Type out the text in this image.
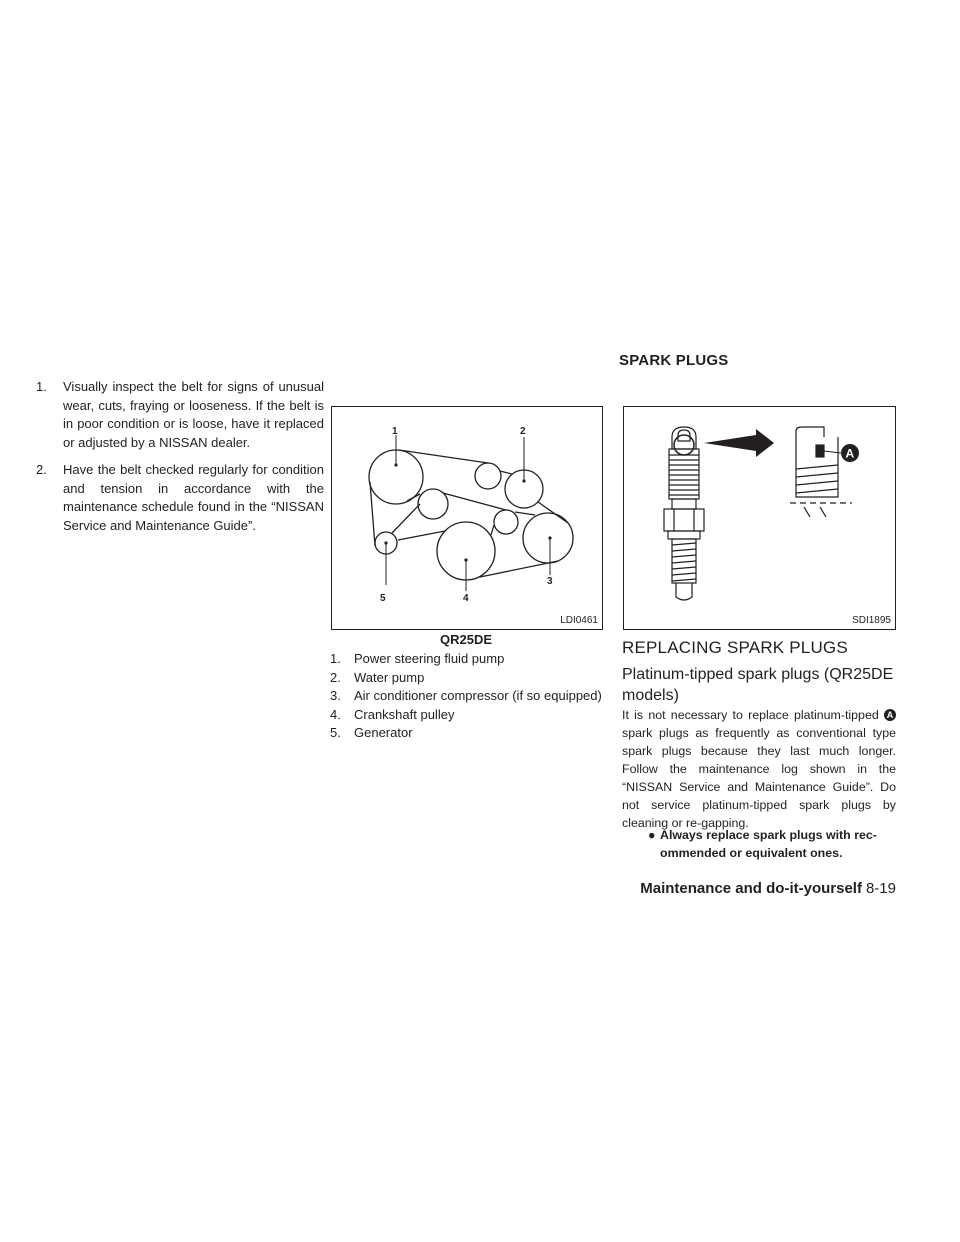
1. Visually inspect the belt for signs of unusual wear, cuts, fraying or looseness. If the belt is in poor condition or is loose, have it replaced or adjusted by a NISSAN dealer.
2. Have the belt checked regularly for condition and tension in accordance with the maintenance schedule found in the “NISSAN Service and Maintenance Guide”.
1	2
3
4
5
LDI0461
QR25DE
1. Power steering fluid pump
2. Water pump
3. Air conditioner compressor (if so equipped)
4. Crankshaft pulley
5. Generator
SPARK PLUGS
A
SDI1895
REPLACING SPARK PLUGS
Platinum-tipped spark plugs (QR25DE models)

It is not necessary to replace platinum-tipped A spark plugs as frequently as conventional type spark plugs because they last much longer. Follow the maintenance log shown in the “NISSAN Service and Maintenance Guide”. Do not service platinum-tipped spark plugs by cleaning or re-gapping.

● Always replace spark plugs with rec-
ommended or equivalent ones.
Maintenance and do-it-yourself 8-19
